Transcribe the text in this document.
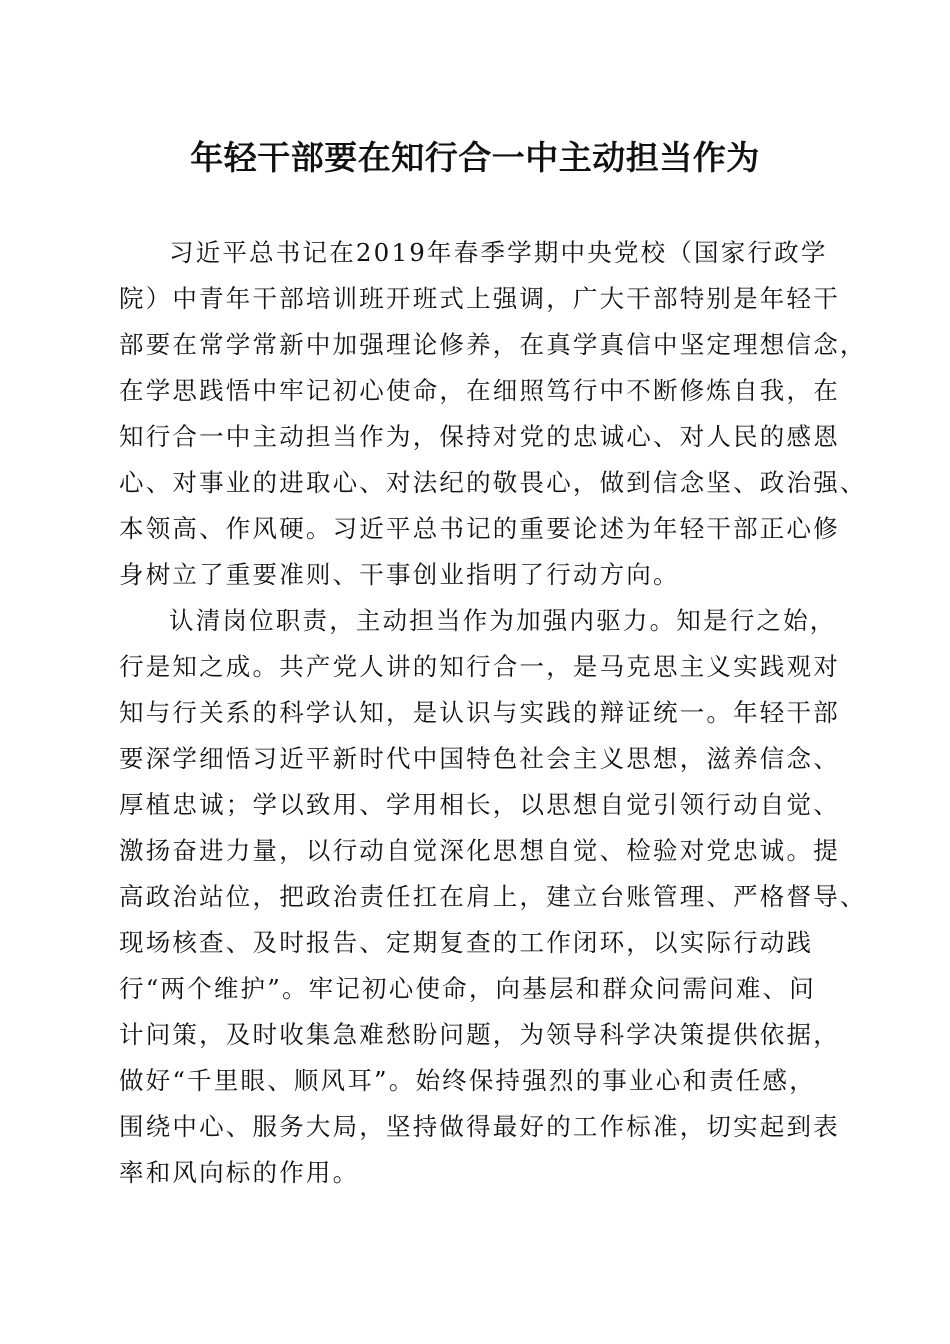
年轻干部要在知行合一中主动担当作为
习近平总书记在2019年春季学期中央党校（国家行政学
院）中青年干部培训班开班式上强调，广大干部特别是年轻干
部要在常学常新中加强理论修养，在真学真信中坚定理想信念，
在学思践悟中牢记初心使命，在细照笃行中不断修炼自我，在
知行合一中主动担当作为，保持对党的忠诚心、对人民的感恩
心、对事业的进取心、对法纪的敬畏心，做到信念坚、政治强、
本领高、作风硬。习近平总书记的重要论述为年轻干部正心修
身树立了重要准则、干事创业指明了行动方向。
认清岗位职责，主动担当作为加强内驱力。知是行之始，
行是知之成。共产党人讲的知行合一，是马克思主义实践观对
知与行关系的科学认知，是认识与实践的辩证统一。年轻干部
要深学细悟习近平新时代中国特色社会主义思想，滋养信念、
厚植忠诚；学以致用、学用相长，以思想自觉引领行动自觉、
激扬奋进力量，以行动自觉深化思想自觉、检验对党忠诚。提
高政治站位，把政治责任扛在肩上，建立台账管理、严格督导、
现场核查、及时报告、定期复查的工作闭环，以实际行动践
行“两个维护”。牢记初心使命，向基层和群众问需问难、问
计问策，及时收集急难愁盼问题，为领导科学决策提供依据，
做好“千里眼、顺风耳”。始终保持强烈的事业心和责任感，
围绕中心、服务大局，坚持做得最好的工作标准，切实起到表
率和风向标的作用。
